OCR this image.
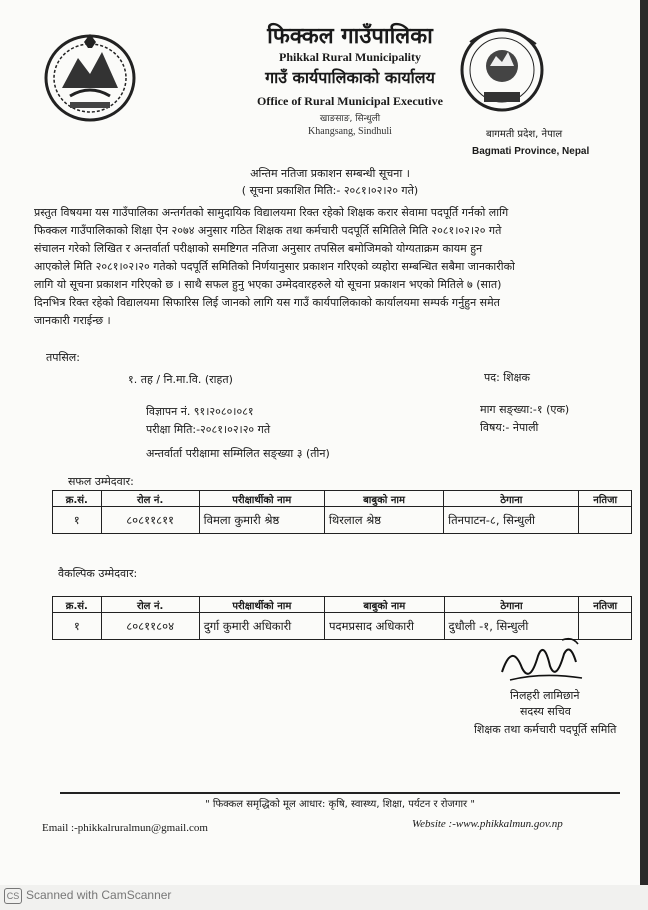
फिक्कल गाउँपालिका
Phikkal Rural Municipality
गाउँ कार्यपालिकाको कार्यालय
Office of Rural Municipal Executive
खाङसाङ, सिन्धुली
Khangsang, Sindhuli	बागमती प्रदेश, नेपाल
Bagmati Province, Nepal
अन्तिम नतिजा प्रकाशन सम्बन्धी सूचना ।
( सूचना प्रकाशित मिति:- २०८१।०२।२० गते)
प्रस्तुत विषयमा यस गाउँपालिका अन्तर्गतको सामुदायिक विद्यालयमा रिक्त रहेको शिक्षक करार सेवामा पदपूर्ति गर्नको लागि
फिक्कल गाउँपालिकाको शिक्षा ऐन २०७४ अनुसार गठित शिक्षक तथा कर्मचारी पदपूर्ति समितिले मिति २०८१।०२।२० गते
संचालन गरेको लिखित र अन्तर्वार्ता परीक्षाको समष्टिगत नतिजा अनुसार तपसिल बमोजिमको योग्यताक्रम कायम हुन
आएकोले मिति २०८१।०२।२० गतेको पदपूर्ति समितिको निर्णयानुसार प्रकाशन गरिएको व्यहोरा सम्बन्धित सबैमा जानकारीको
लागि यो सूचना प्रकाशन गरिएको छ । साथै सफल हुनु भएका उम्मेदवारहरुले यो सूचना प्रकाशन भएको मितिले ७ (सात)
दिनभित्र रिक्त रहेको विद्यालयमा सिफारिस लिई जानको लागि यस गाउँ कार्यपालिकाको कार्यालयमा सम्पर्क गर्नुहुन समेत
जानकारी गराईन्छ ।
तपसिल:
१. तह / नि.मा.वि. (राहत)	पद: शिक्षक
विज्ञापन नं. ९१।२०८०।०८१	माग सङ्ख्या:-१ (एक)
परीक्षा मिति:-२०८१।०२।२० गते	विषय:- नेपाली
अन्तर्वार्ता परीक्षामा सम्मिलित सङ्ख्या ३ (तीन)
सफल उम्मेदवार:
क्र.सं.	रोल नं.	परीक्षार्थीको नाम	बाबुको नाम	ठेगाना	नतिजा
१	८०८११८११	विमला कुमारी श्रेष्ठ	थिरलाल श्रेष्ठ	तिनपाटन-८, सिन्धुली	
वैकल्पिक उम्मेदवार:
क्र.सं.	रोल नं.	परीक्षार्थीको नाम	बाबुको नाम	ठेगाना	नतिजा
१	८०८११८०४	दुर्गा कुमारी अधिकारी	पदमप्रसाद अधिकारी	दुधौली -१, सिन्धुली	
निलहरी लामिछाने
सदस्य सचिव
शिक्षक तथा कर्मचारी पदपूर्ति समिति
" फिक्कल समृद्धिको मूल आधार: कृषि, स्वास्थ्य, शिक्षा, पर्यटन र रोजगार "
Email :-phikkalruralmun@gmail.com	Website :-www.phikkalmun.gov.np
CS Scanned with CamScanner
